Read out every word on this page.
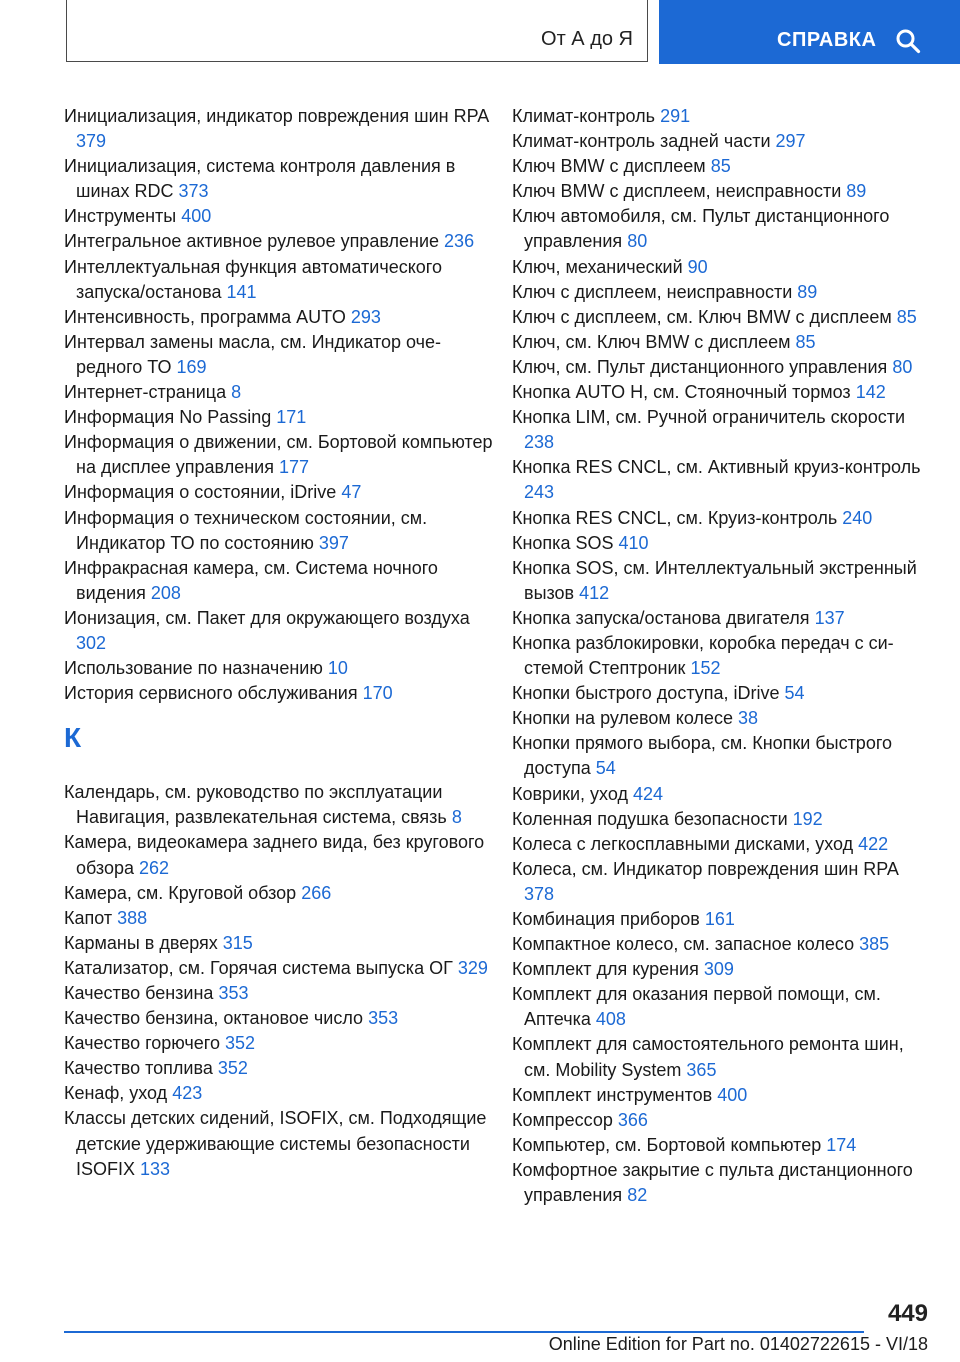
От А до Я	СПРАВКА
Инициализация, индикатор повреждения шин RPA 379
Инициализация, система контроля давления в шинах RDC 373
Инструменты 400
Интегральное активное рулевое управление 236
Интеллектуальная функция автоматического запуска/останова 141
Интенсивность, программа AUTO 293
Интервал замены масла, см. Индикатор очередного ТО 169
Интернет-страница 8
Информация No Passing 171
Информация о движении, см. Бортовой компьютер на дисплее управления 177
Информация о состоянии, iDrive 47
Информация о техническом состоянии, см. Индикатор ТО по состоянию 397
Инфракрасная камера, см. Система ночного видения 208
Ионизация, см. Пакет для окружающего воздуха 302
Использование по назначению 10
История сервисного обслуживания 170
К
Календарь, см. руководство по эксплуатации Навигация, развлекательная система, связь 8
Камера, видеокамера заднего вида, без кругового обзора 262
Камера, см. Круговой обзор 266
Капот 388
Карманы в дверях 315
Катализатор, см. Горячая система выпуска ОГ 329
Качество бензина 353
Качество бензина, октановое число 353
Качество горючего 352
Качество топлива 352
Кенаф, уход 423
Классы детских сидений, ISOFIX, см. Подходящие детские удерживающие системы безопасности ISOFIX 133
Климат-контроль 291
Климат-контроль задней части 297
Ключ BMW с дисплеем 85
Ключ BMW с дисплеем, неисправности 89
Ключ автомобиля, см. Пульт дистанционного управления 80
Ключ, механический 90
Ключ с дисплеем, неисправности 89
Ключ с дисплеем, см. Ключ BMW с дисплеем 85
Ключ, см. Ключ BMW с дисплеем 85
Ключ, см. Пульт дистанционного управления 80
Кнопка AUTO H, см. Стояночный тормоз 142
Кнопка LIM, см. Ручной ограничитель скорости 238
Кнопка RES CNCL, см. Активный круиз-контроль 243
Кнопка RES CNCL, см. Круиз-контроль 240
Кнопка SOS 410
Кнопка SOS, см. Интеллектуальный экстренный вызов 412
Кнопка запуска/останова двигателя 137
Кнопка разблокировки, коробка передач с системой Стептроник 152
Кнопки быстрого доступа, iDrive 54
Кнопки на рулевом колесе 38
Кнопки прямого выбора, см. Кнопки быстрого доступа 54
Коврики, уход 424
Коленная подушка безопасности 192
Колеса с легкосплавными дисками, уход 422
Колеса, см. Индикатор повреждения шин RPA 378
Комбинация приборов 161
Компактное колесо, см. запасное колесо 385
Комплект для курения 309
Комплект для оказания первой помощи, см. Аптечка 408
Комплект для самостоятельного ремонта шин, см. Mobility System 365
Комплект инструментов 400
Компрессор 366
Компьютер, см. Бортовой компьютер 174
Комфортное закрытие с пульта дистанционного управления 82
449
Online Edition for Part no. 01402722615 - VI/18
